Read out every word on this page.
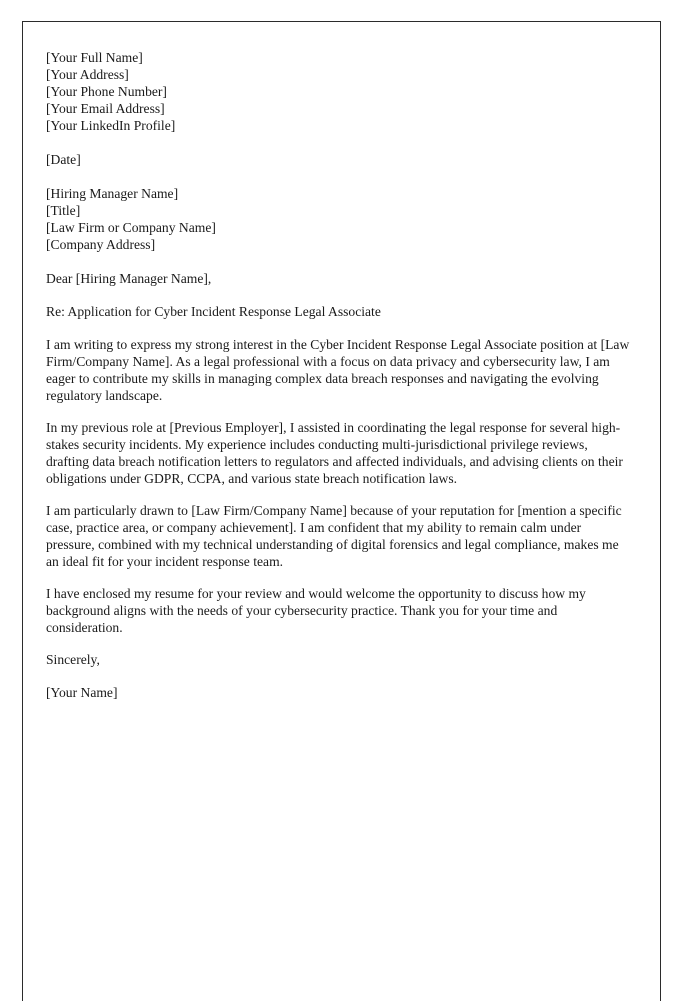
[Your Full Name]
[Your Address]
[Your Phone Number]
[Your Email Address]
[Your LinkedIn Profile]
[Date]
[Hiring Manager Name]
[Title]
[Law Firm or Company Name]
[Company Address]
Dear [Hiring Manager Name],
Re: Application for Cyber Incident Response Legal Associate

I am writing to express my strong interest in the Cyber Incident Response Legal Associate position at [Law Firm/Company Name]. As a legal professional with a focus on data privacy and cybersecurity law, I am eager to contribute my skills in managing complex data breach responses and navigating the evolving regulatory landscape.

In my previous role at [Previous Employer], I assisted in coordinating the legal response for several high-stakes security incidents. My experience includes conducting multi-jurisdictional privilege reviews, drafting data breach notification letters to regulators and affected individuals, and advising clients on their obligations under GDPR, CCPA, and various state breach notification laws.

I am particularly drawn to [Law Firm/Company Name] because of your reputation for [mention a specific case, practice area, or company achievement]. I am confident that my ability to remain calm under pressure, combined with my technical understanding of digital forensics and legal compliance, makes me an ideal fit for your incident response team.

I have enclosed my resume for your review and would welcome the opportunity to discuss how my background aligns with the needs of your cybersecurity practice. Thank you for your time and consideration.

Sincerely,
[Your Name]
